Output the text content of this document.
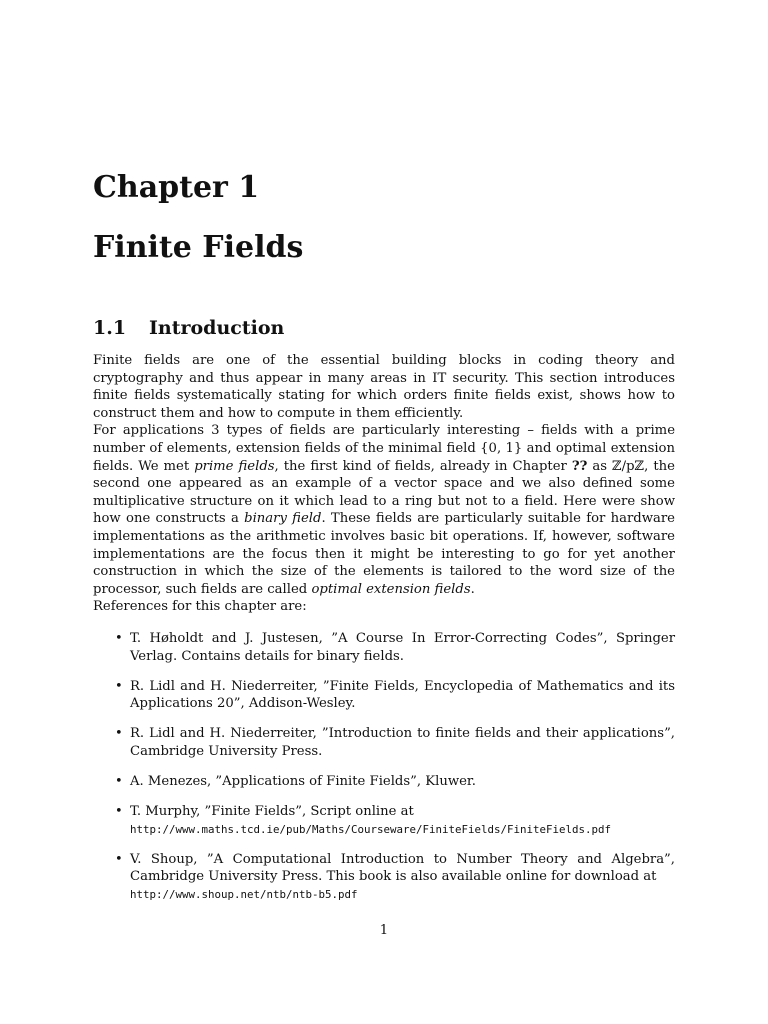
Chapter 1
Finite Fields
1.1 Introduction

Finite fields are one of the essential building blocks in coding theory and cryptography and thus appear in many areas in IT security. This section introduces finite fields systematically stating for which orders finite fields exist, shows how to construct them and how to compute in them efficiently.

For applications 3 types of fields are particularly interesting – fields with a prime number of elements, extension fields of the minimal field {0, 1} and optimal extension fields. We met prime fields, the first kind of fields, already in Chapter ?? as ℤ/pℤ, the second one appeared as an example of a vector space and we also defined some multiplicative structure on it which lead to a ring but not to a field. Here were show how one constructs a binary field. These fields are particularly suitable for hardware implementations as the arithmetic involves basic bit operations. If, however, software implementations are the focus then it might be interesting to go for yet another construction in which the size of the elements is tailored to the word size of the processor, such fields are called optimal extension fields.

References for this chapter are:

• T. Høholdt and J. Justesen, ”A Course In Error-Correcting Codes”, Springer Verlag. Contains details for binary fields.
• R. Lidl and H. Niederreiter, ”Finite Fields, Encyclopedia of Mathematics and its Applications 20”, Addison-Wesley.
• R. Lidl and H. Niederreiter, ”Introduction to finite fields and their applications”, Cambridge University Press.
• A. Menezes, ”Applications of Finite Fields”, Kluwer.
• T. Murphy, ”Finite Fields”, Script online at
http://www.maths.tcd.ie/pub/Maths/Courseware/FiniteFields/FiniteFields.pdf
• V. Shoup, ”A Computational Introduction to Number Theory and Algebra”, Cambridge University Press. This book is also available online for download at
http://www.shoup.net/ntb/ntb-b5.pdf
1
